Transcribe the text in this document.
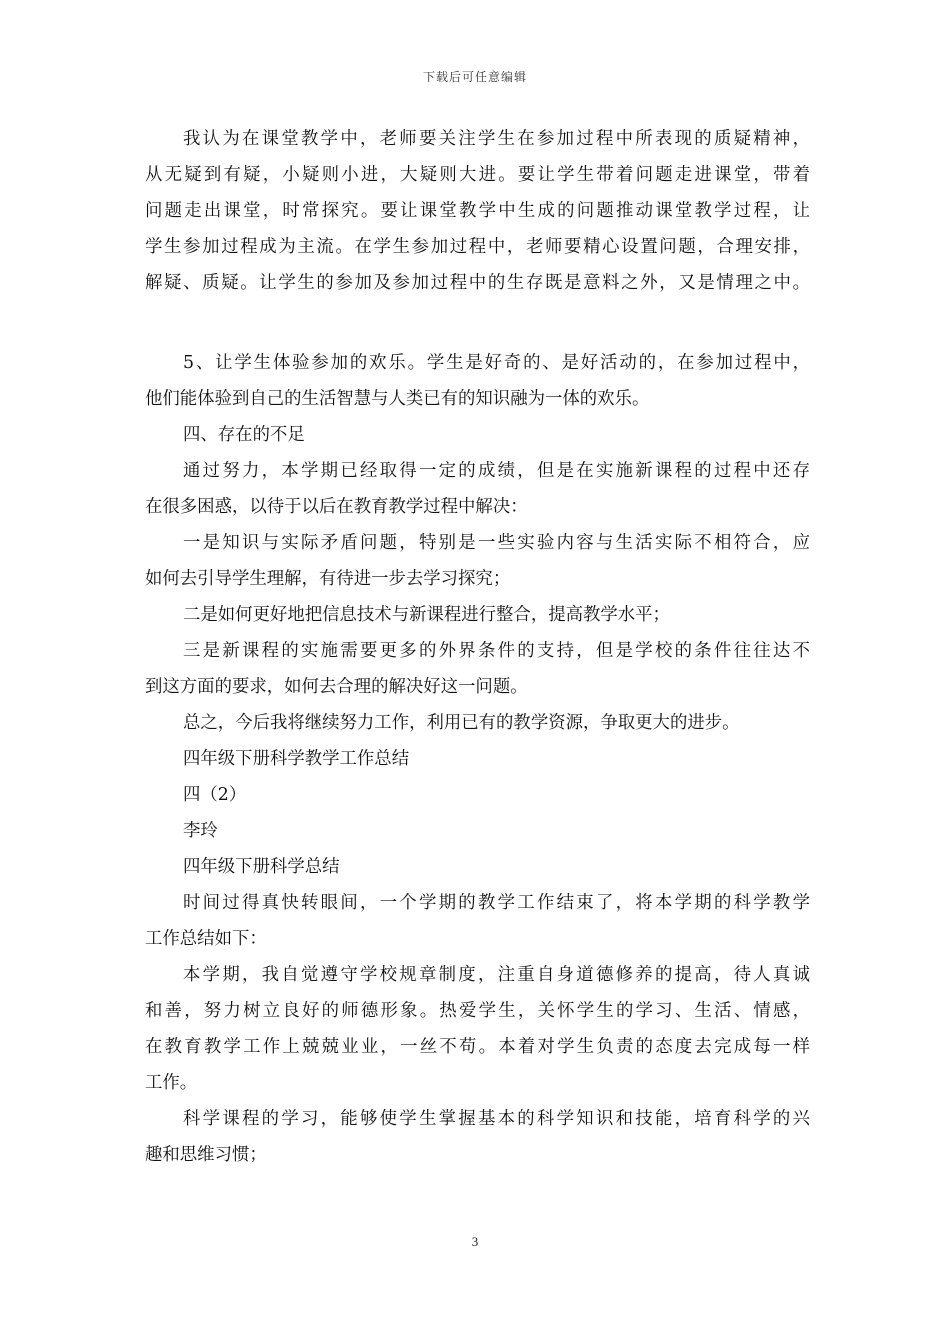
下载后可任意编辑
我认为在课堂教学中，老师要关注学生在参加过程中所表现的质疑精神，
从无疑到有疑，小疑则小进，大疑则大进。要让学生带着问题走进课堂，带着
问题走出课堂，时常探究。要让课堂教学中生成的问题推动课堂教学过程，让
学生参加过程成为主流。在学生参加过程中，老师要精心设置问题，合理安排，
解疑、质疑。让学生的参加及参加过程中的生存既是意料之外，又是情理之中。
5、让学生体验参加的欢乐。学生是好奇的、是好活动的，在参加过程中，
他们能体验到自己的生活智慧与人类已有的知识融为一体的欢乐。
四、存在的不足
通过努力，本学期已经取得一定的成绩，但是在实施新课程的过程中还存
在很多困惑，以待于以后在教育教学过程中解决：
一是知识与实际矛盾问题，特别是一些实验内容与生活实际不相符合，应
如何去引导学生理解，有待进一步去学习探究；
二是如何更好地把信息技术与新课程进行整合，提高教学水平；
三是新课程的实施需要更多的外界条件的支持，但是学校的条件往往达不
到这方面的要求，如何去合理的解决好这一问题。
总之，今后我将继续努力工作，利用已有的教学资源，争取更大的进步。
四年级下册科学教学工作总结
四（2）
李玲
四年级下册科学总结
时间过得真快转眼间，一个学期的教学工作结束了，将本学期的科学教学
工作总结如下：
本学期，我自觉遵守学校规章制度，注重自身道德修养的提高，待人真诚
和善，努力树立良好的师德形象。热爱学生，关怀学生的学习、生活、情感，
在教育教学工作上兢兢业业，一丝不苟。本着对学生负责的态度去完成每一样
工作。
科学课程的学习，能够使学生掌握基本的科学知识和技能，培育科学的兴
趣和思维习惯；
3
